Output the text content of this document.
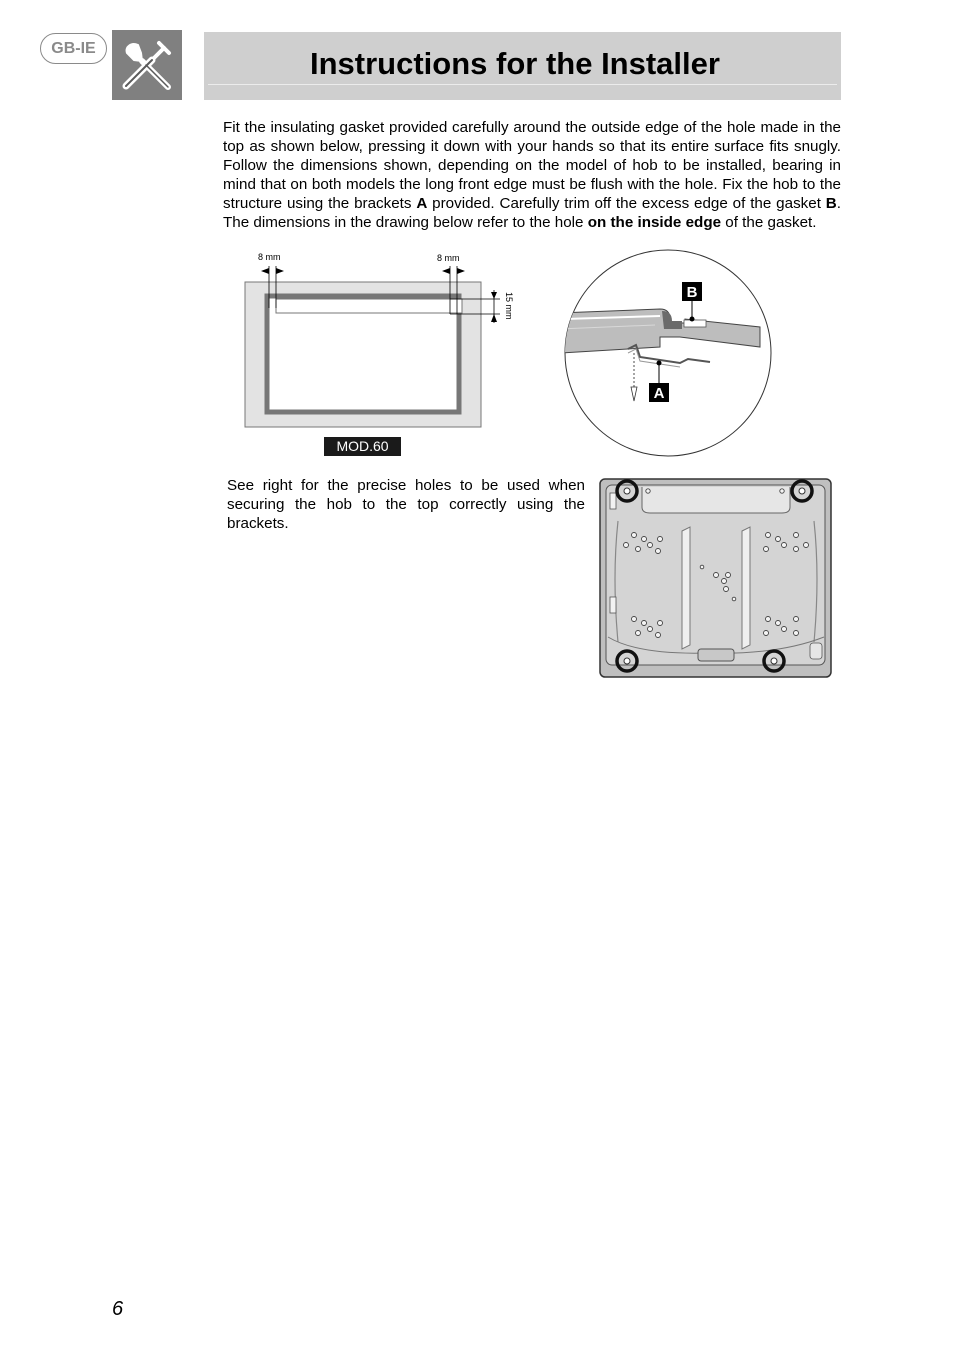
GB-IE	Instructions for the Installer

Fit the insulating gasket provided carefully around the outside edge of the hole made in the top as shown below, pressing it down with your hands so that its entire surface fits snugly. Follow the dimensions shown, depending on the model of hob to be installed, bearing in mind that on both models the long front edge must be flush with the hole. Fix the hob to the structure using the brackets A provided. Carefully trim off the excess edge of the gasket B. The dimensions in the drawing below refer to the hole on the inside edge of the gasket.

8 mm	8 mm
15 mm
MOD.60
B
A

See right for the precise holes to be used when securing the hob to the top correctly using the brackets.

6
